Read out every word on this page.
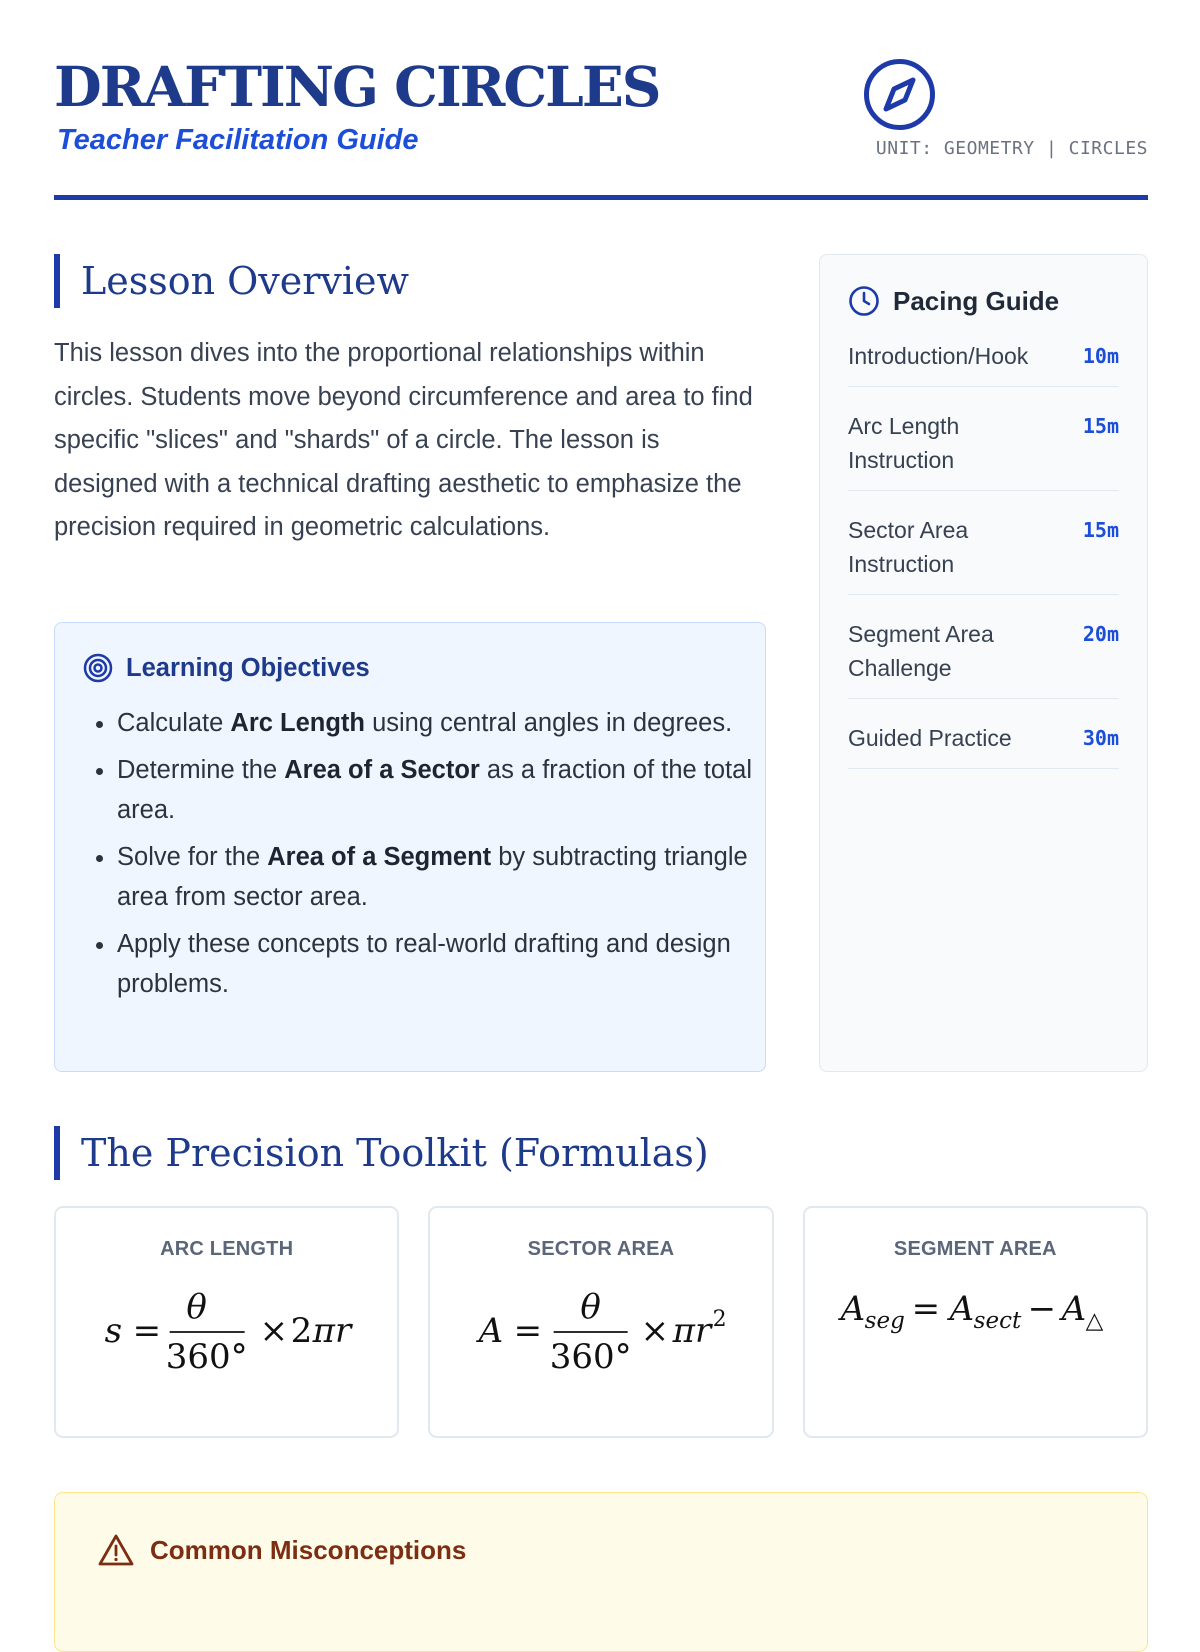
DRAFTING CIRCLES

Teacher Facilitation Guide	UNIT: GEOMETRY | CIRCLES
Lesson Overview

This lesson dives into the proportional relationships within circles. Students move beyond circumference and area to find specific "slices" and "shards" of a circle. The lesson is designed with a technical drafting aesthetic to emphasize the precision required in geometric calculations.

Learning Objectives
• Calculate Arc Length using central angles in degrees.
• Determine the Area of a Sector as a fraction of the total area.
• Solve for the Area of a Segment by subtracting triangle area from sector area.
• Apply these concepts to real-world drafting and design problems.
Pacing Guide
Introduction/Hook	10m
Arc Length Instruction
15m
Sector Area Instruction
15m
Segment Area Challenge
20m
Guided Practice	30m
The Precision Toolkit (Formulas)
ARC LENGTH
s =
θ
360°
× 2 πr
SECTOR AREA
A =
θ
360°
× πr 2
SEGMENT AREA
A seg = A sect − A △
Common Misconceptions
